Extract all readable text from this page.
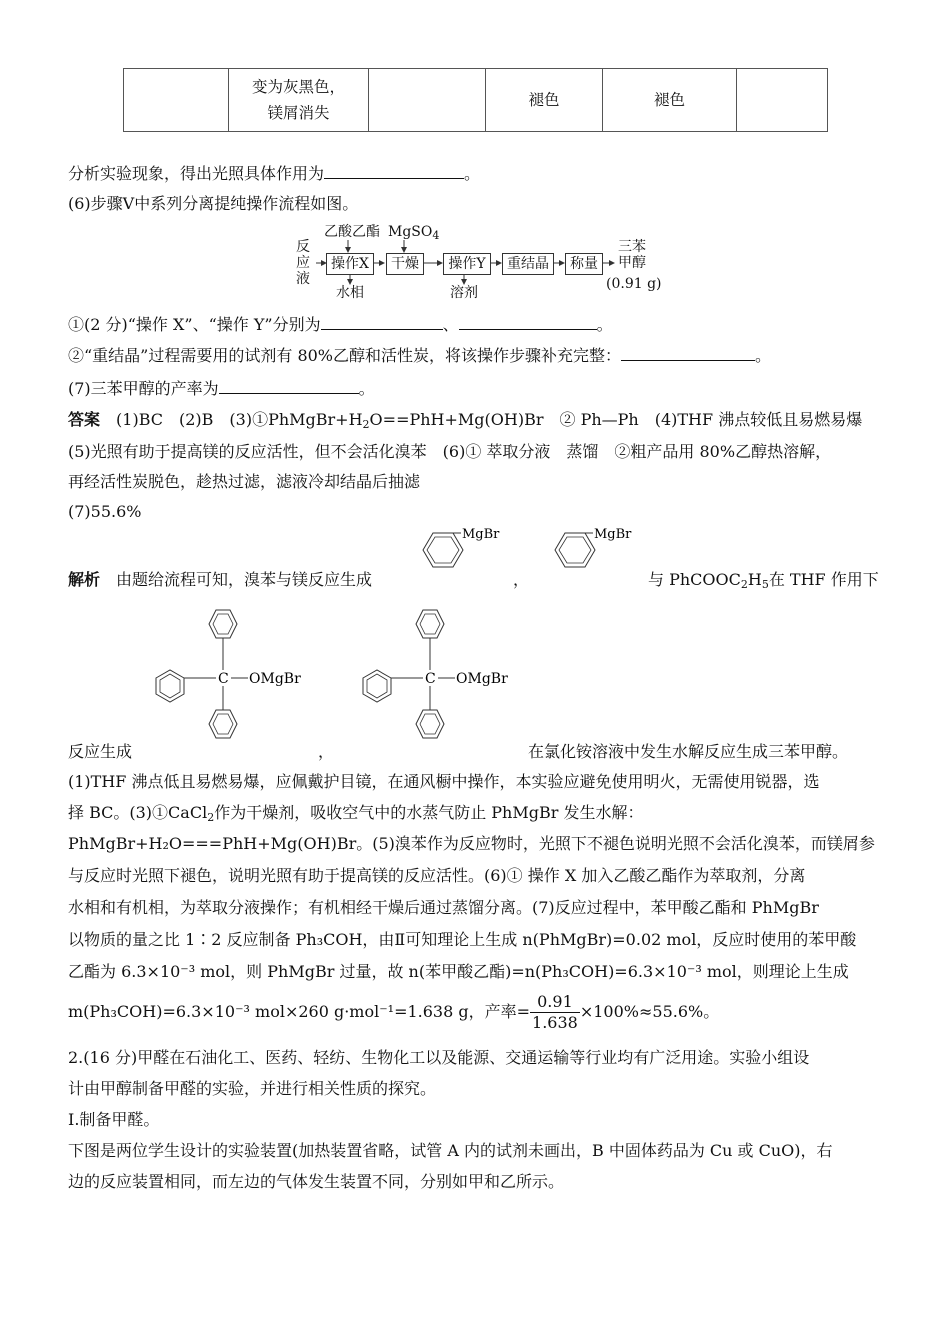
	变为灰黑色，
镁屑消失		褪色	褪色	
分析实验现象，得出光照具体作用为	。
(6)步骤Ⅴ中系列分离提纯操作流程如图。
反应液
乙酸乙酯 MgSO$_4$
操作X	干燥	操作Y	重结晶	称量
三苯甲醇
(0.91 g)
水相	溶剂
①(2 分)“操作 X”、“操作 Y”分别为	、	。
②“重结晶”过程需要用的试剂有 80%乙醇和活性炭，将该操作步骤补充完整：	。
(7)三苯甲醇的产率为	。
答案　 (1)BC　(2)B　$(3)①PhMgBr+H_2O==PhH+Mg(OH)Br$　② Ph—Ph　(4)THF 沸点较低且易燃易爆
(5)光照有助于提高镁的反应活性，但不会活化溴苯　(6)① 萃取分液　蒸馏　②粗产品用 80%乙醇热溶解，
再经活性炭脱色，趁热过滤，滤液冷却结晶后抽滤
(7)55.6%
解析　 由题给流程可知，溴苯与镁反应生成	，	与 $PhCOOC_2H_5$在 THF 作用下
MgBr	MgBr
C OMgBr	C OMgBr
反应生成	，	在氯化铵溶液中发生水解反应生成三苯甲醇。
(1)THF 沸点低且易燃易爆，应佩戴护目镜，在通风橱中操作，本实验应避免使用明火，无需使用锐器，选
择 BC。(3)①CaCl$_2$作为干燥剂，吸收空气中的水蒸气防止 PhMgBr 发生水解：
PhMgBr+H₂O===PhH+Mg(OH)Br。(5)溴苯作为反应物时，光照下不褪色说明光照不会活化溴苯，而镁屑参
与反应时光照下褪色，说明光照有助于提高镁的反应活性。(6)① 操作 X 加入乙酸乙酯作为萃取剂，分离
水相和有机相，为萃取分液操作；有机相经干燥后通过蒸馏分离。(7)反应过程中，苯甲酸乙酯和 PhMgBr
以物质的量之比 1∶2 反应制备 Ph₃COH，由Ⅱ可知理论上生成 n(PhMgBr)=0.02 mol，反应时使用的苯甲酸
乙酯为 6.3×10⁻³ mol，则 PhMgBr 过量，故 n(苯甲酸乙酯)=n(Ph₃COH)=6.3×10⁻³ mol，则理论上生成
m(Ph₃COH)=6.3×10⁻³ mol×260 g·mol⁻¹=1.638 g，产率= $\frac{0.91}{1.638} \times 100\%\approx 55.6\%$。
2.(16 分)甲醛在石油化工、医药、轻纺、生物化工以及能源、交通运输等行业均有广泛用途。实验小组设
计由甲醇制备甲醛的实验，并进行相关性质的探究。
Ⅰ.制备甲醛。
下图是两位学生设计的实验装置(加热装置省略，试管 A 内的试剂未画出，B 中固体药品为 Cu 或 CuO)，右
边的反应装置相同，而左边的气体发生装置不同，分别如甲和乙所示。
